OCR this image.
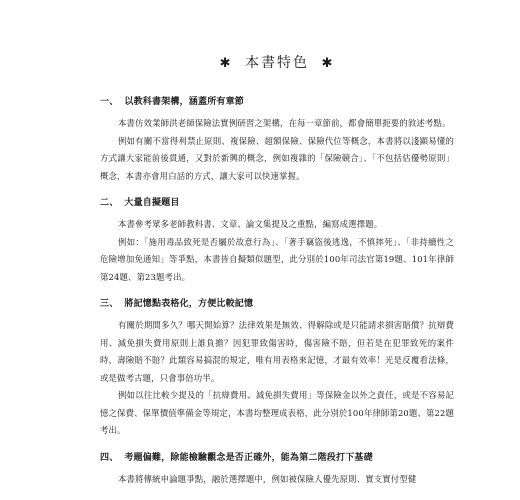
✱ 本書特色 ✱
一、 以教科書架構，涵蓋所有章節

本書仿效業師洪老師保險法實例研習之架構，在每一章節前，都會簡單扼要的敘述考點。

例如有關不當得利禁止原則、複保險、超額保險、保險代位等概念，本書將以淺顯易懂的方式讓大家能前後貫通，又對於新興的概念，例如複雜的「保險競合」、「不包括估優勢原則」概念，本書亦會用白話的方式，讓大家可以快速掌握。

二、 大量自擬題目

本書參考眾多老師教科書、文章、論文集提及之重點，編寫成選擇題。

例如：「施用毒品致死是否屬於故意行為」、「著手竊盜後逃逸，不慎摔死」、「非持續性之危險增加免通知」等爭點，本書皆自擬類似題型，此分別於100年司法官第19題、101年律師第24題、第23題考出。

三、 將記憶點表格化，方便比較記憶

有關於期間多久？哪天開始算？法律效果是無效、得解除或是只能請求損害賠償？抗辯費用、減免損失費用原則上誰負擔？因犯罪致傷害時，傷害險不賠，但若是在犯罪致死的案件時，壽險賠不賠？此類容易搞混的規定，唯有用表格來記憶，才最有效率！光是反覆看法條，或是做考古題，只會事倍功半。

例如以往比較少提及的「抗辯費用、減免損失費用」等保險金以外之責任，或是不容易記憶之保費、保單價值準備金等規定，本書均整理成表格，此分別於100年律師第20題、第22題考出。

四、 考題偏難，除能檢驗觀念是否正確外，能為第二階段打下基礎

本書將傳統申論題爭點，融於選擇題中，例如被保險人優先原則、實支實付型健
